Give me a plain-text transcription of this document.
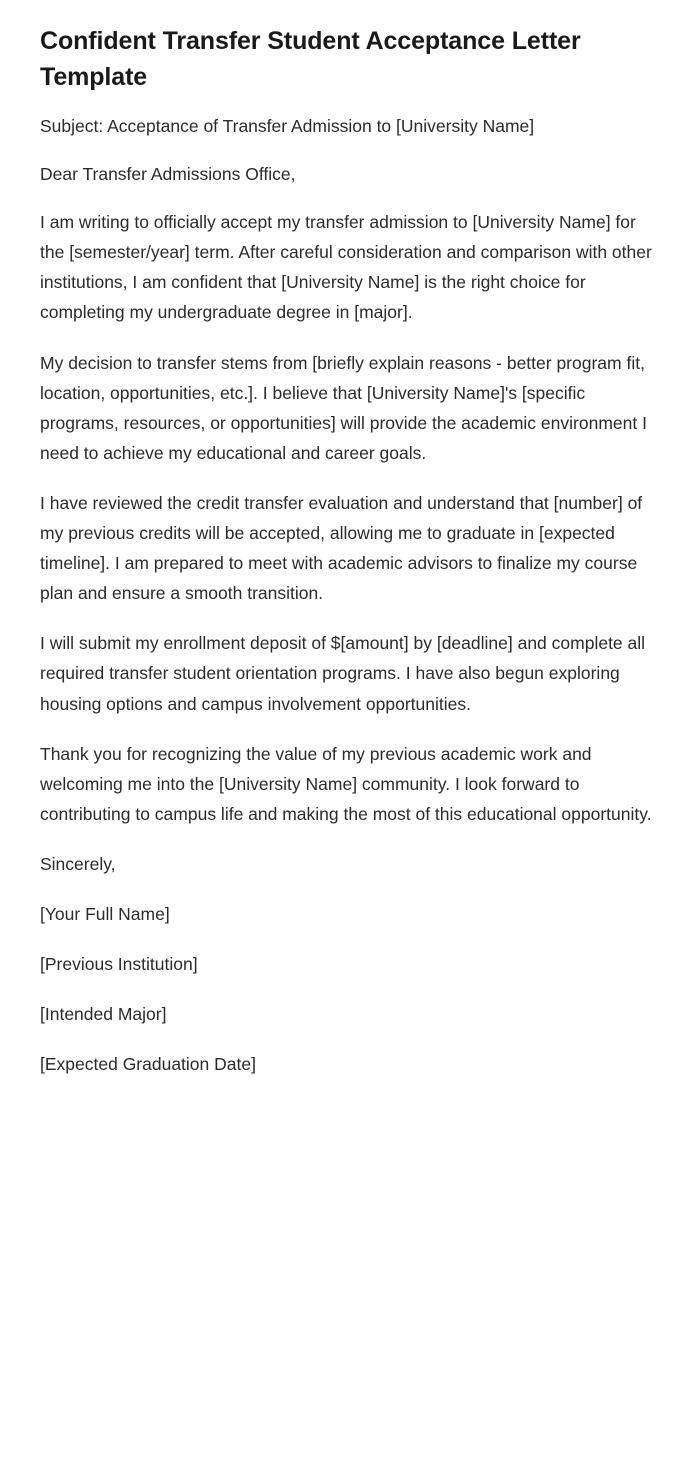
Confident Transfer Student Acceptance Letter Template

Subject: Acceptance of Transfer Admission to [University Name]

Dear Transfer Admissions Office,

I am writing to officially accept my transfer admission to [University Name] for the [semester/year] term. After careful consideration and comparison with other institutions, I am confident that [University Name] is the right choice for completing my undergraduate degree in [major].

My decision to transfer stems from [briefly explain reasons - better program fit, location, opportunities, etc.]. I believe that [University Name]'s [specific programs, resources, or opportunities] will provide the academic environment I need to achieve my educational and career goals.

I have reviewed the credit transfer evaluation and understand that [number] of my previous credits will be accepted, allowing me to graduate in [expected timeline]. I am prepared to meet with academic advisors to finalize my course plan and ensure a smooth transition.

I will submit my enrollment deposit of $[amount] by [deadline] and complete all required transfer student orientation programs. I have also begun exploring housing options and campus involvement opportunities.

Thank you for recognizing the value of my previous academic work and welcoming me into the [University Name] community. I look forward to contributing to campus life and making the most of this educational opportunity.

Sincerely,

[Your Full Name]

[Previous Institution]

[Intended Major]

[Expected Graduation Date]
